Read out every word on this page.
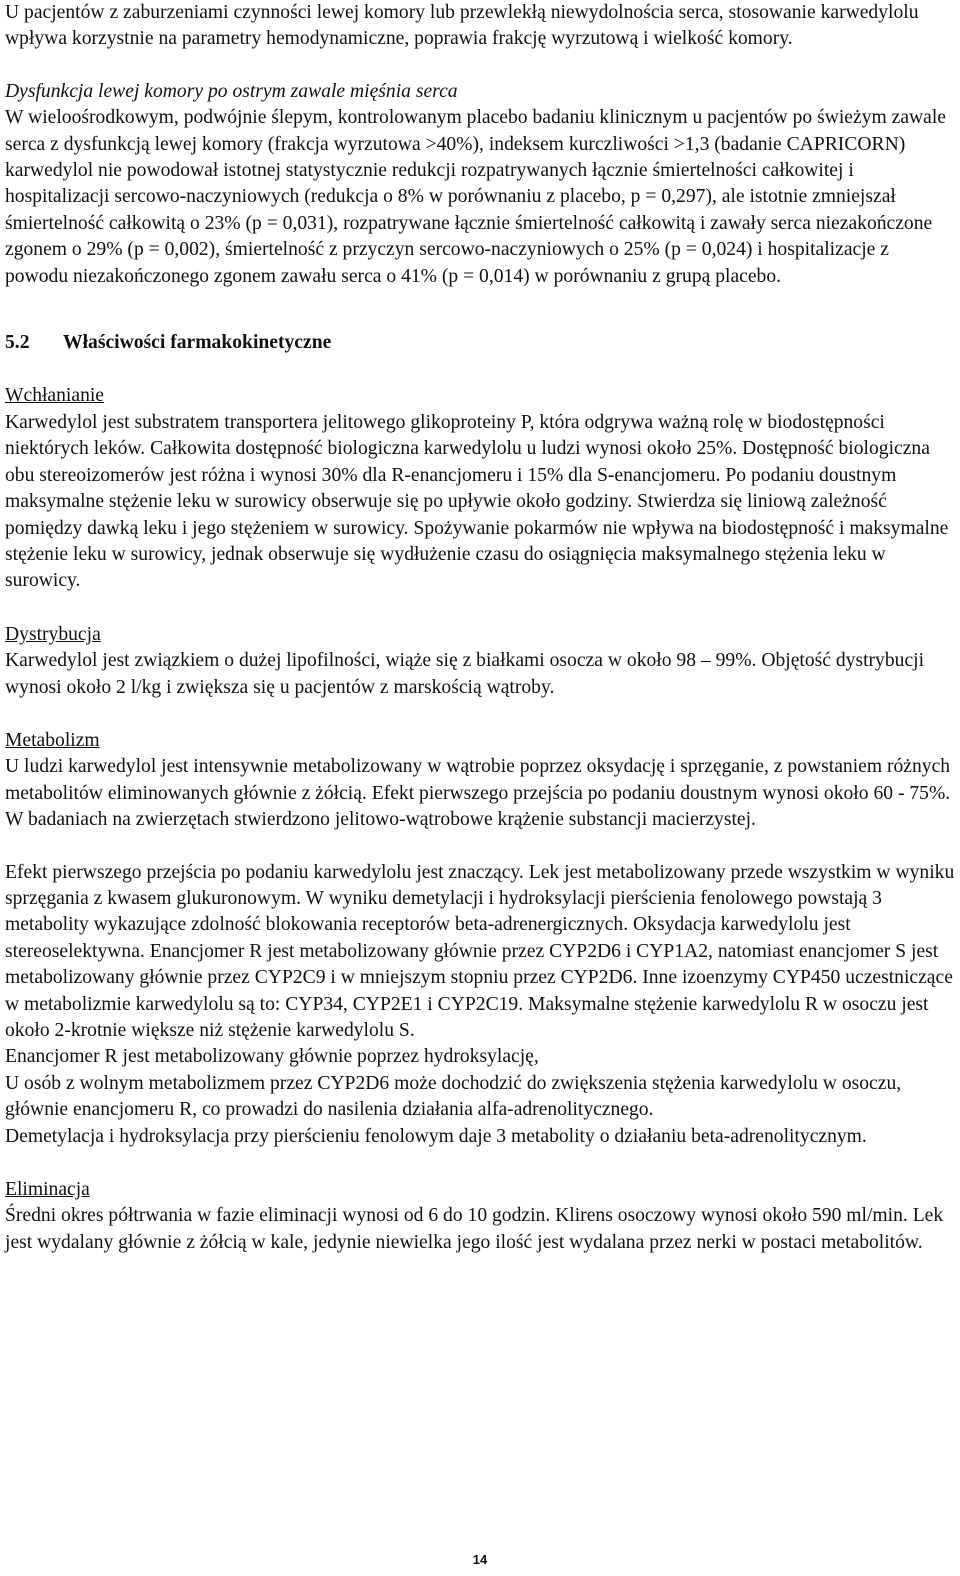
U pacjentów z zaburzeniami czynności lewej komory lub przewlekłą niewydolnościa serca, stosowanie karwedylolu wpływa korzystnie na parametry hemodynamiczne, poprawia frakcję wyrzutową i wielkość komory.

Dysfunkcja lewej komory po ostrym zawale mięśnia serca

W wieloośrodkowym, podwójnie ślepym, kontrolowanym placebo badaniu klinicznym u pacjentów po świeżym zawale serca z dysfunkcją lewej komory (frakcja wyrzutowa >40%), indeksem kurczliwości >1,3 (badanie CAPRICORN) karwedylol nie powodował istotnej statystycznie redukcji rozpatrywanych łącznie śmiertelności całkowitej i hospitalizacji sercowo-naczyniowych (redukcja o 8% w porównaniu z placebo, p = 0,297), ale istotnie zmniejszał śmiertelność całkowitą o 23% (p = 0,031), rozpatrywane łącznie śmiertelność całkowitą i zawały serca niezakończone zgonem o 29% (p = 0,002), śmiertelność z przyczyn sercowo-naczyniowych o 25% (p = 0,024) i hospitalizacje z powodu niezakończonego zgonem zawału serca o 41% (p = 0,014) w porównaniu z grupą placebo.

5.2	Właściwości farmakokinetyczne

Wchłanianie

Karwedylol jest substratem transportera jelitowego glikoproteiny P, która odgrywa ważną rolę w biodostępności niektórych leków. Całkowita dostępność biologiczna karwedylolu u ludzi wynosi około 25%. Dostępność biologiczna obu stereoizomerów jest różna i wynosi 30% dla R-enancjomeru i 15% dla S-enancjomeru. Po podaniu doustnym maksymalne stężenie leku w surowicy obserwuje się po upływie około godziny. Stwierdza się liniową zależność pomiędzy dawką leku i jego stężeniem w surowicy. Spożywanie pokarmów nie wpływa na biodostępność i maksymalne stężenie leku w surowicy, jednak obserwuje się wydłużenie czasu do osiągnięcia maksymalnego stężenia leku w surowicy.

Dystrybucja

Karwedylol jest związkiem o dużej lipofilności, wiąże się z białkami osocza w około 98 – 99%. Objętość dystrybucji wynosi około 2 l/kg i zwiększa się u pacjentów z marskością wątroby.

Metabolizm

U ludzi karwedylol jest intensywnie metabolizowany w wątrobie poprzez oksydację i sprzęganie, z powstaniem różnych metabolitów eliminowanych głównie z żółcią. Efekt pierwszego przejścia po podaniu doustnym wynosi około 60 - 75%. W badaniach na zwierzętach stwierdzono jelitowo-wątrobowe krążenie substancji macierzystej.

Efekt pierwszego przejścia po podaniu karwedylolu jest znaczący. Lek jest metabolizowany przede wszystkim w wyniku sprzęgania z kwasem glukuronowym. W wyniku demetylacji i hydroksylacji pierścienia fenolowego powstają 3 metabolity wykazujące zdolność blokowania receptorów beta-adrenergicznych. Oksydacja karwedylolu jest stereoselektywna. Enancjomer R jest metabolizowany głównie przez CYP2D6 i CYP1A2, natomiast enancjomer S jest metabolizowany głównie przez CYP2C9 i w mniejszym stopniu przez CYP2D6. Inne izoenzymy CYP450 uczestniczące w metabolizmie karwedylolu są to: CYP34, CYP2E1 i CYP2C19. Maksymalne stężenie karwedylolu R w osoczu jest około 2-krotnie większe niż stężenie karwedylolu S.

Enancjomer R jest metabolizowany głównie poprzez hydroksylację,

U osób z wolnym metabolizmem przez CYP2D6 może dochodzić do zwiększenia stężenia karwedylolu w osoczu, głównie enancjomeru R, co prowadzi do nasilenia działania alfa-adrenolitycznego.

Demetylacja i hydroksylacja przy pierścieniu fenolowym daje 3 metabolity o działaniu beta-adrenolitycznym.

Eliminacja

Średni okres półtrwania w fazie eliminacji wynosi od 6 do 10 godzin. Klirens osoczowy wynosi około 590 ml/min. Lek jest wydalany głównie z żółcią w kale, jedynie niewielka jego ilość jest wydalana przez nerki w postaci metabolitów.

14
